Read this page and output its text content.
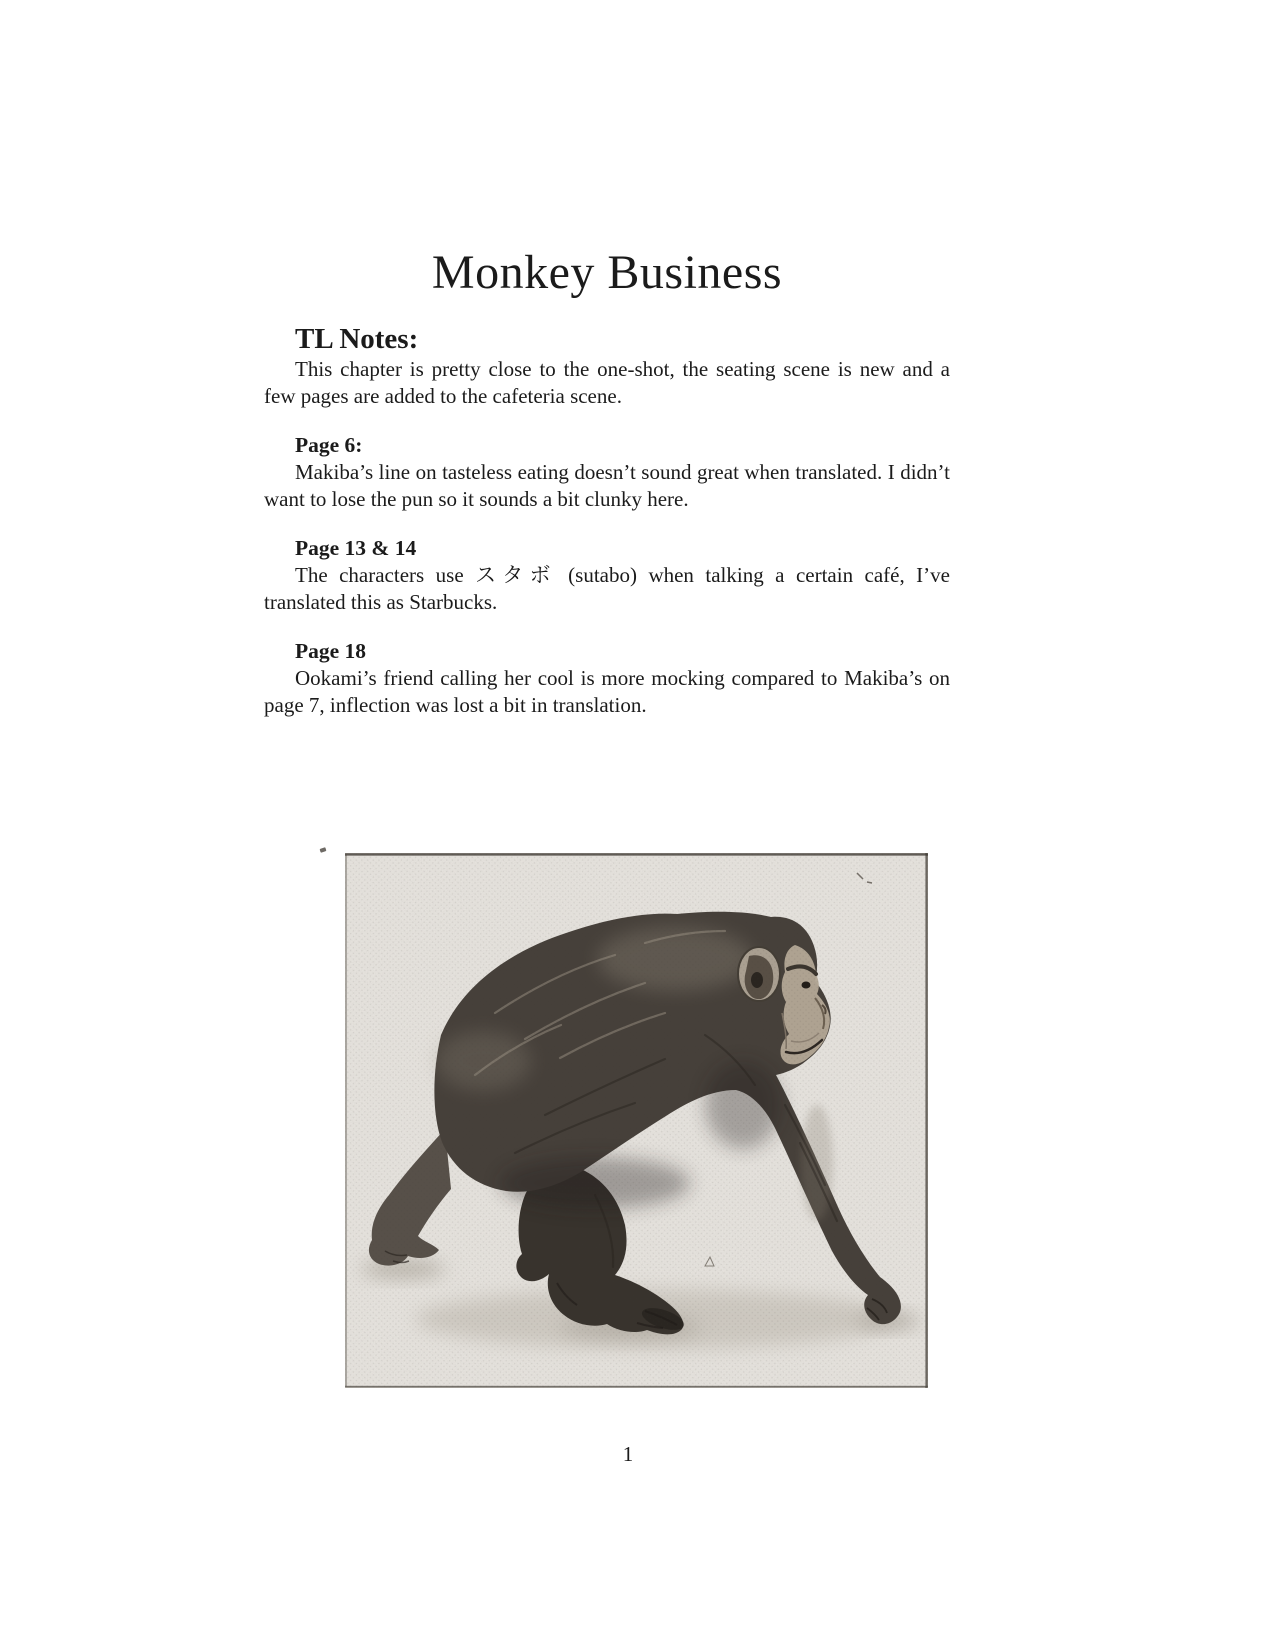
Monkey Business
TL Notes:

This chapter is pretty close to the one-shot, the seating scene is new and a few pages are added to the cafeteria scene.

Page 6:

Makiba’s line on tasteless eating doesn’t sound great when translated. I didn’t want to lose the pun so it sounds a bit clunky here.

Page 13 & 14

The characters use スタボ (sutabo) when talking a certain café, I’ve translated this as Starbucks.

Page 18

Ookami’s friend calling her cool is more mocking compared to Makiba’s on page 7, inflection was lost a bit in translation.

1
